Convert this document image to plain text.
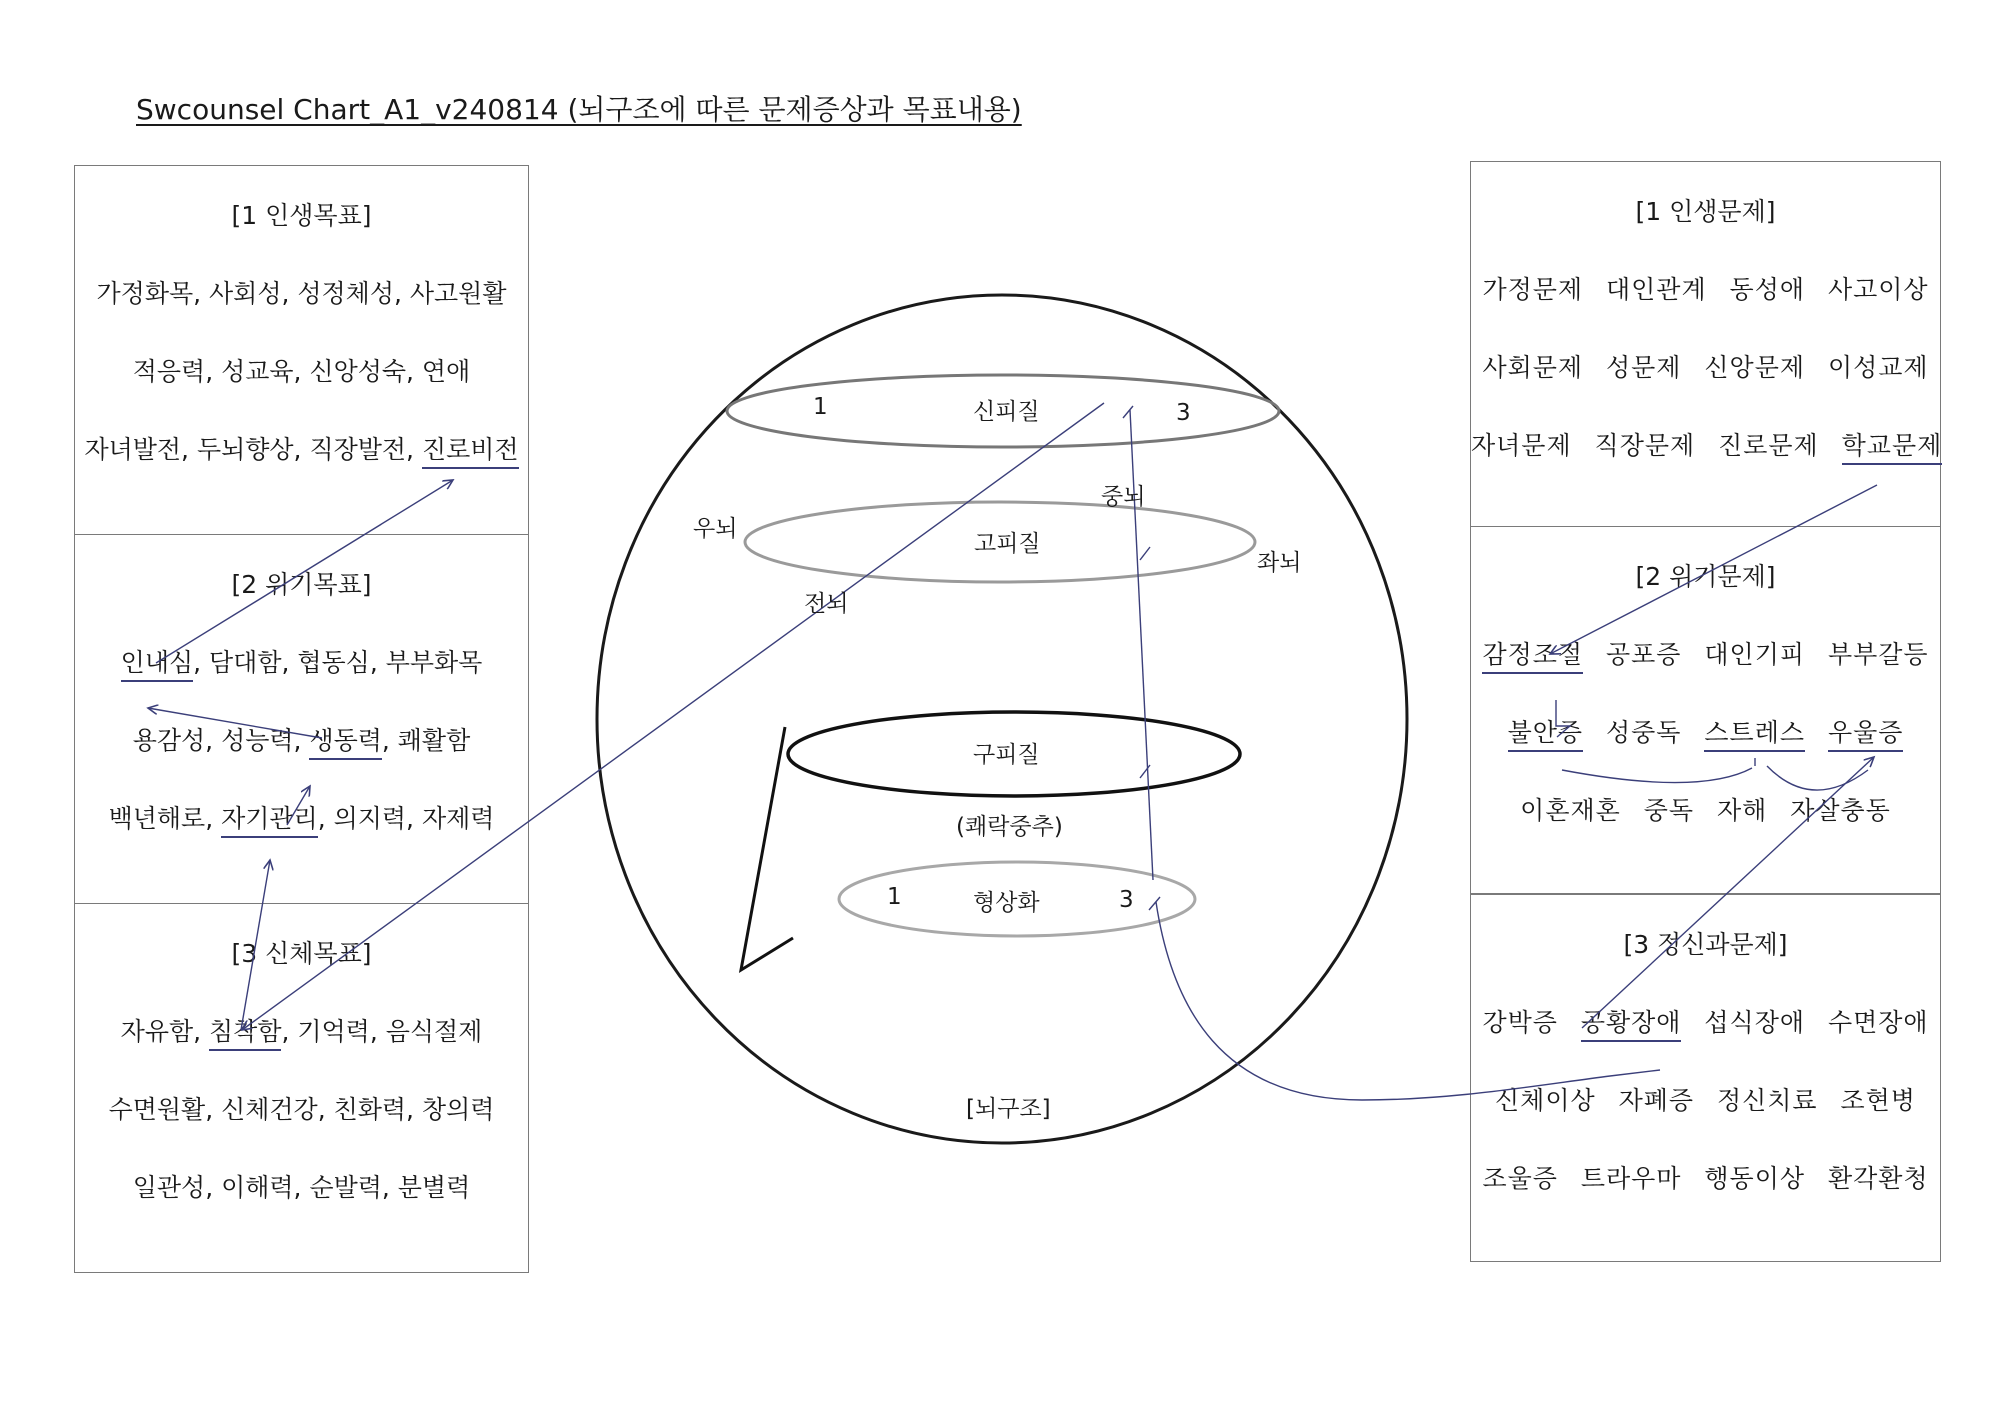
Swcounsel Chart_A1_v240814 (뇌구조에 따른 문제증상과 목표내용)
[1 인생목표]
가정화목, 사회성, 성정체성, 사고원활
적응력, 성교육, 신앙성숙, 연애
자녀발전, 두뇌향상, 직장발전, 진로비전
[2 위기목표]
인내심, 담대함, 협동심, 부부화목
용감성, 성능력, 생동력, 쾌활함
백년해로, 자기관리, 의지력, 자제력
[3 신체목표]
자유함, 침착함, 기억력, 음식절제
수면원활, 신체건강, 친화력, 창의력
일관성, 이해력, 순발력, 분별력
[1 인생문제]
가정문제 대인관계 동성애 사고이상
사회문제 성문제 신앙문제 이성교제
자녀문제 직장문제 진로문제 학교문제
[2 위기문제]
감정조절 공포증 대인기피 부부갈등
불안증 성중독 스트레스 우울증
이혼재혼 중독 자해 자살충동
[3 정신과문제]
강박증 공황장애 섭식장애 수면장애
신체이상 자폐증 정신치료 조현병
조울증 트라우마 행동이상 환각환청
1	신피질	3
중뇌
우뇌
고피질
좌뇌
전뇌
구피질
(쾌락중추)
1	형상화	3
[뇌구조]
